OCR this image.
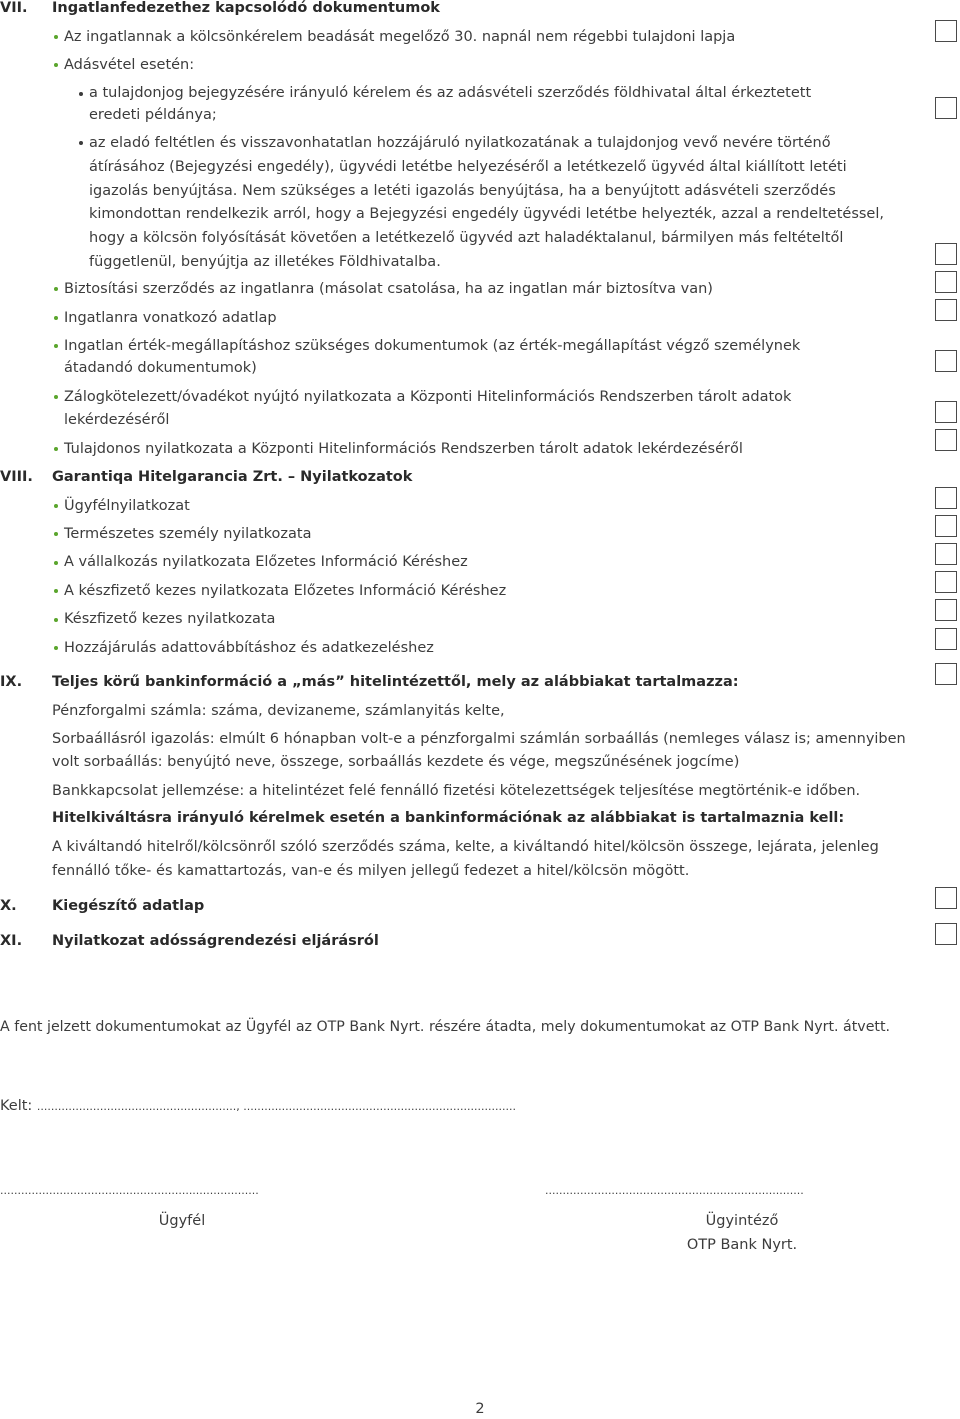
VII. Ingatlanfedezethez kapcsolódó dokumentumok
Az ingatlannak a kölcsönkérelem beadását megelőző 30. napnál nem régebbi tulajdoni lapja
Adásvétel esetén:
a tulajdonjog bejegyzésére irányuló kérelem és az adásvételi szerződés földhivatal által érkeztetett
eredeti példánya;
az eladó feltétlen és visszavonhatatlan hozzájáruló nyilatkozatának a tulajdonjog vevő nevére történő
átírásához (Bejegyzési engedély), ügyvédi letétbe helyezéséről a letétkezelő ügyvéd által kiállított letéti
igazolás benyújtása. Nem szükséges a letéti igazolás benyújtása, ha a benyújtott adásvételi szerződés
kimondottan rendelkezik arról, hogy a Bejegyzési engedély ügyvédi letétbe helyezték, azzal a rendeltetéssel,
hogy a kölcsön folyósítását követően a letétkezelő ügyvéd azt haladéktalanul, bármilyen más feltételtől
függetlenül, benyújtja az illetékes Földhivatalba.
Biztosítási szerződés az ingatlanra (másolat csatolása, ha az ingatlan már biztosítva van)
Ingatlanra vonatkozó adatlap
Ingatlan érték-megállapításhoz szükséges dokumentumok (az érték-megállapítást végző személynek
átadandó dokumentumok)
Zálogkötelezett/óvadékot nyújtó nyilatkozata a Központi Hitelinformációs Rendszerben tárolt adatok
lekérdezéséről
Tulajdonos nyilatkozata a Központi Hitelinformációs Rendszerben tárolt adatok lekérdezéséről
VIII. Garantiqa Hitelgarancia Zrt. – Nyilatkozatok
Ügyfélnyilatkozat
Természetes személy nyilatkozata
A vállalkozás nyilatkozata Előzetes Információ Kéréshez
A készfizető kezes nyilatkozata Előzetes Információ Kéréshez
Készfizető kezes nyilatkozata
Hozzájárulás adattovábbításhoz és adatkezeléshez
IX. Teljes körű bankinformáció a „más” hitelintézettől, mely az alábbiakat tartalmazza:
Pénzforgalmi számla: száma, devizaneme, számlanyitás kelte,
Sorbaállásról igazolás: elmúlt 6 hónapban volt-e a pénzforgalmi számlán sorbaállás (nemleges válasz is; amennyiben
volt sorbaállás: benyújtó neve, összege, sorbaállás kezdete és vége, megszűnésének jogcíme)
Bankkapcsolat jellemzése: a hitelintézet felé fennálló fizetési kötelezettségek teljesítése megtörténik-e időben.
Hitelkiváltásra irányuló kérelmek esetén a bankinformációnak az alábbiakat is tartalmaznia kell:
A kiváltandó hitelről/kölcsönről szóló szerződés száma, kelte, a kiváltandó hitel/kölcsön összege, lejárata, jelenleg
fennálló tőke- és kamattartozás, van-e és milyen jellegű fedezet a hitel/kölcsön mögött.
X. Kiegészítő adatlap
XI. Nyilatkozat adósságrendezési eljárásról
A fent jelzett dokumentumokat az Ügyfél az OTP Bank Nyrt. részére átadta, mely dokumentumokat az OTP Bank Nyrt. átvett.
Kelt: ........................................................., ..............................................................................
..........................................................................	..........................................................................
Ügyfél	Ügyintéző
OTP Bank Nyrt.
2
